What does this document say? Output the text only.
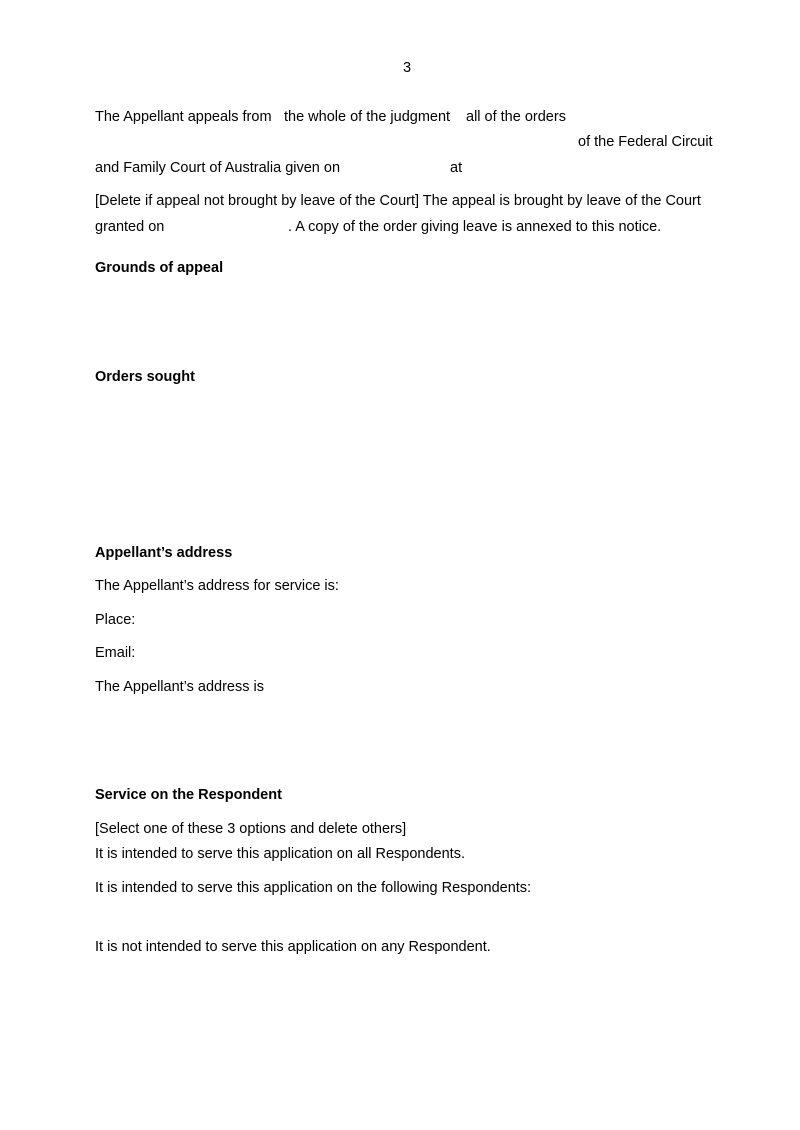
3
The Appellant appeals from the whole of the judgment all of the orders
of the Federal Circuit
and Family Court of Australia given on	at
[Delete if appeal not brought by leave of the Court] The appeal is brought by leave of the Court
granted on	. A copy of the order giving leave is annexed to this notice.
Grounds of appeal
Orders sought
Appellant’s address
The Appellant’s address for service is:
Place:
Email:
The Appellant’s address is
Service on the Respondent
[Select one of these 3 options and delete others]
It is intended to serve this application on all Respondents.
It is intended to serve this application on the following Respondents:
It is not intended to serve this application on any Respondent.
